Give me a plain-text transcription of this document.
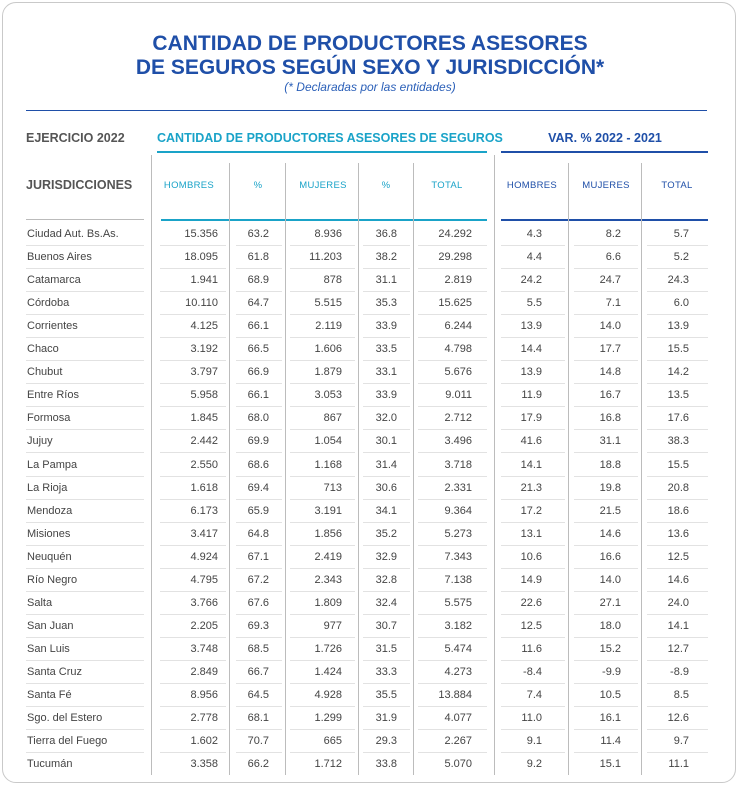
CANTIDAD DE PRODUCTORES ASESORES
DE SEGUROS SEGÚN SEXO Y JURISDICCIÓN*
(* Declaradas por las entidades)
EJERCICIO 2022	CANTIDAD DE PRODUCTORES ASESORES DE SEGUROS	VAR. % 2022 - 2021
JURISDICCIONES	HOMBRES	%	MUJERES	%	TOTAL	HOMBRES	MUJERES	TOTAL
Ciudad Aut. Bs.As.	15.356	63.2	8.936	36.8	24.292	4.3	8.2	5.7
Buenos Aires	18.095	61.8	11.203	38.2	29.298	4.4	6.6	5.2
Catamarca	1.941	68.9	878	31.1	2.819	24.2	24.7	24.3
Córdoba	10.110	64.7	5.515	35.3	15.625	5.5	7.1	6.0
Corrientes	4.125	66.1	2.119	33.9	6.244	13.9	14.0	13.9
Chaco	3.192	66.5	1.606	33.5	4.798	14.4	17.7	15.5
Chubut	3.797	66.9	1.879	33.1	5.676	13.9	14.8	14.2
Entre Ríos	5.958	66.1	3.053	33.9	9.011	11.9	16.7	13.5
Formosa	1.845	68.0	867	32.0	2.712	17.9	16.8	17.6
Jujuy	2.442	69.9	1.054	30.1	3.496	41.6	31.1	38.3
La Pampa	2.550	68.6	1.168	31.4	3.718	14.1	18.8	15.5
La Rioja	1.618	69.4	713	30.6	2.331	21.3	19.8	20.8
Mendoza	6.173	65.9	3.191	34.1	9.364	17.2	21.5	18.6
Misiones	3.417	64.8	1.856	35.2	5.273	13.1	14.6	13.6
Neuquén	4.924	67.1	2.419	32.9	7.343	10.6	16.6	12.5
Río Negro	4.795	67.2	2.343	32.8	7.138	14.9	14.0	14.6
Salta	3.766	67.6	1.809	32.4	5.575	22.6	27.1	24.0
San Juan	2.205	69.3	977	30.7	3.182	12.5	18.0	14.1
San Luis	3.748	68.5	1.726	31.5	5.474	11.6	15.2	12.7
Santa Cruz	2.849	66.7	1.424	33.3	4.273	-8.4	-9.9	-8.9
Santa Fé	8.956	64.5	4.928	35.5	13.884	7.4	10.5	8.5
Sgo. del Estero	2.778	68.1	1.299	31.9	4.077	11.0	16.1	12.6
Tierra del Fuego	1.602	70.7	665	29.3	2.267	9.1	11.4	9.7
Tucumán	3.358	66.2	1.712	33.8	5.070	9.2	15.1	11.1
